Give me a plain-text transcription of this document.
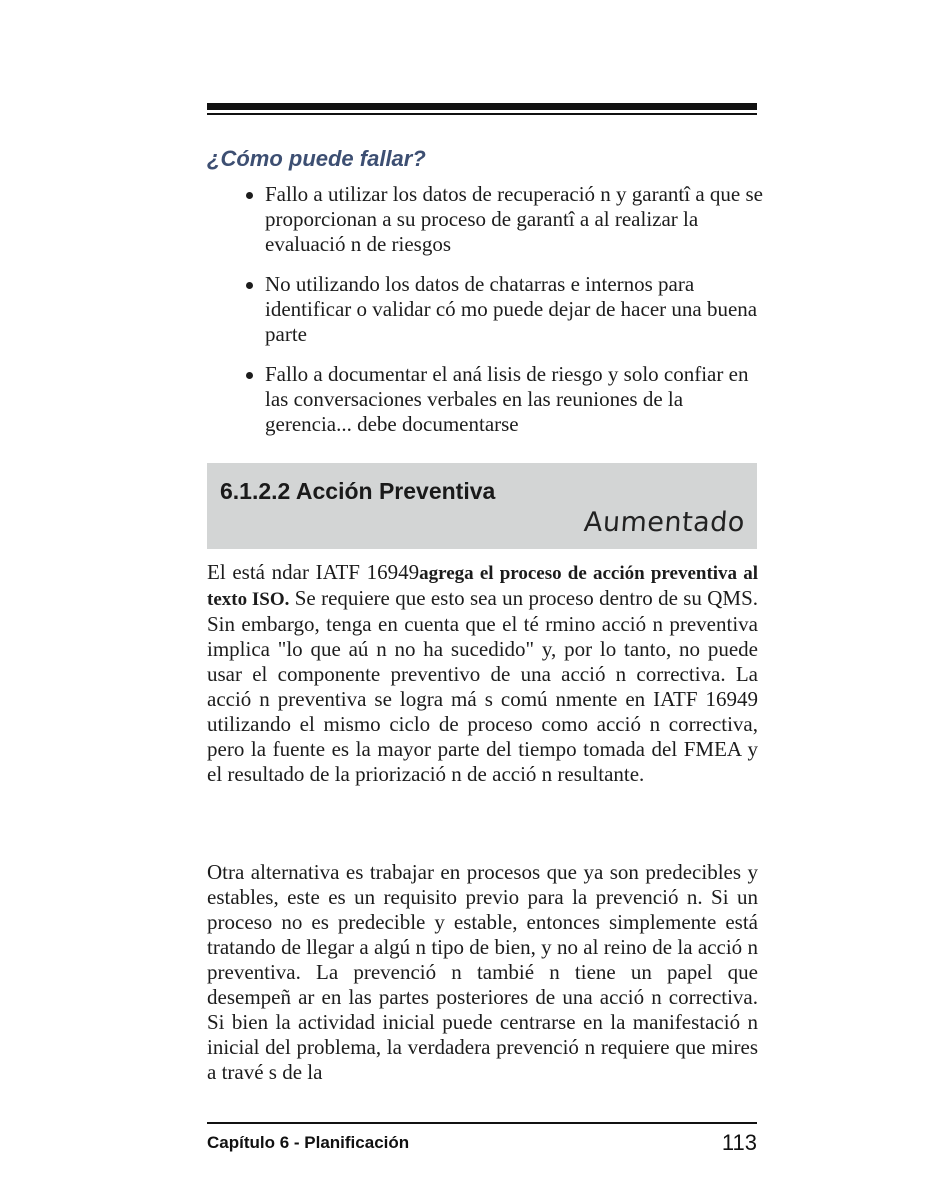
¿Cómo puede fallar?
Fallo a utilizar los datos de recuperació n y garantî a que se proporcionan a su proceso de garantî a al realizar la evaluació n de riesgos
No utilizando los datos de chatarras e internos para identificar o validar có mo puede dejar de hacer una buena parte
Fallo a documentar el aná lisis de riesgo y solo confiar en las conversaciones verbales en las reuniones de la gerencia... debe documentarse
6.1.2.2 Acción Preventiva
Aumentado

El está ndar IATF 16949agrega el proceso de acción preventiva al texto ISO. Se requiere que esto sea un proceso dentro de su QMS. Sin embargo, tenga en cuenta que el té rmino acció n preventiva implica "lo que aú n no ha sucedido" y, por lo tanto, no puede usar el componente preventivo de una acció n correctiva. La acció n preventiva se logra má s comú nmente en IATF 16949 utilizando el mismo ciclo de proceso como acció n correctiva, pero la fuente es la mayor parte del tiempo tomada del FMEA y el resultado de la priorizació n de acció n resultante.

Otra alternativa es trabajar en procesos que ya son predecibles y estables, este es un requisito previo para la prevenció n. Si un proceso no es predecible y estable, entonces simplemente está tratando de llegar a algú n tipo de bien, y no al reino de la acció n preventiva. La prevenció n tambié n tiene un papel que desempeñ ar en las partes posteriores de una acció n correctiva. Si bien la actividad inicial puede centrarse en la manifestació n inicial del problema, la verdadera prevenció n requiere que mires a travé s de la

Capítulo 6 - Planificación	113
